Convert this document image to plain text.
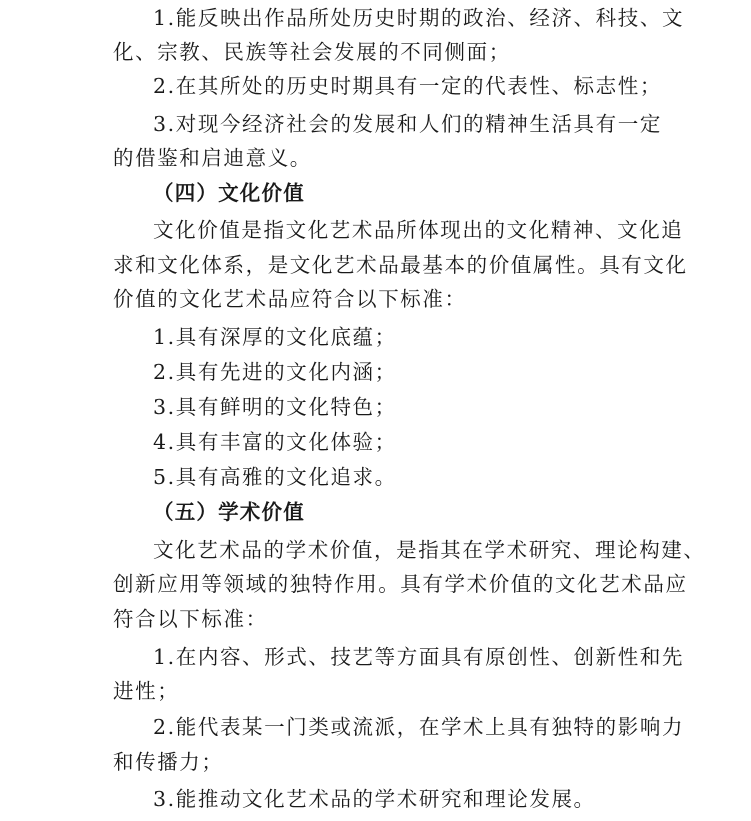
1.能反映出作品所处历史时期的政治、经济、科技、文
化、宗教、民族等社会发展的不同侧面；
2.在其所处的历史时期具有一定的代表性、标志性；
3.对现今经济社会的发展和人们的精神生活具有一定
的借鉴和启迪意义。
（四）文化价值
文化价值是指文化艺术品所体现出的文化精神、文化追
求和文化体系，是文化艺术品最基本的价值属性。具有文化
价值的文化艺术品应符合以下标准：
1.具有深厚的文化底蕴；
2.具有先进的文化内涵；
3.具有鲜明的文化特色；
4.具有丰富的文化体验；
5.具有高雅的文化追求。
（五）学术价值
文化艺术品的学术价值，是指其在学术研究、理论构建、
创新应用等领域的独特作用。具有学术价值的文化艺术品应
符合以下标准：
1.在内容、形式、技艺等方面具有原创性、创新性和先
进性；
2.能代表某一门类或流派，在学术上具有独特的影响力
和传播力；
3.能推动文化艺术品的学术研究和理论发展。
